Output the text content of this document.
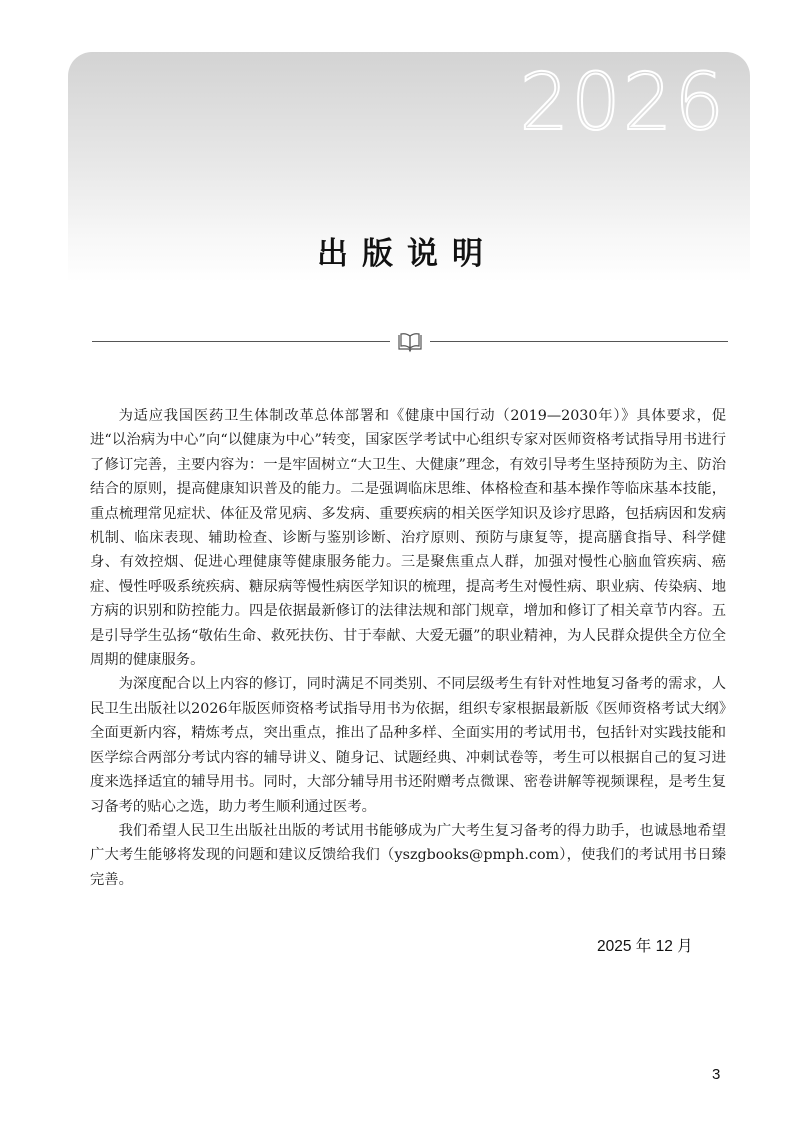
2026
出版说明

为适应我国医药卫生体制改革总体部署和《健康中国行动（2019—2030年）》具体要求，促进“以治病为中心”向“以健康为中心”转变，国家医学考试中心组织专家对医师资格考试指导用书进行了修订完善，主要内容为：一是牢固树立“大卫生、大健康”理念，有效引导考生坚持预防为主、防治结合的原则，提高健康知识普及的能力。二是强调临床思维、体格检查和基本操作等临床基本技能，重点梳理常见症状、体征及常见病、多发病、重要疾病的相关医学知识及诊疗思路，包括病因和发病机制、临床表现、辅助检查、诊断与鉴别诊断、治疗原则、预防与康复等，提高膳食指导、科学健身、有效控烟、促进心理健康等健康服务能力。三是聚焦重点人群，加强对慢性心脑血管疾病、癌症、慢性呼吸系统疾病、糖尿病等慢性病医学知识的梳理，提高考生对慢性病、职业病、传染病、地方病的识别和防控能力。四是依据最新修订的法律法规和部门规章，增加和修订了相关章节内容。五是引导学生弘扬“敬佑生命、救死扶伤、甘于奉献、大爱无疆”的职业精神，为人民群众提供全方位全周期的健康服务。

为深度配合以上内容的修订，同时满足不同类别、不同层级考生有针对性地复习备考的需求，人民卫生出版社以2026年版医师资格考试指导用书为依据，组织专家根据最新版《医师资格考试大纲》全面更新内容，精炼考点，突出重点，推出了品种多样、全面实用的考试用书，包括针对实践技能和医学综合两部分考试内容的辅导讲义、随身记、试题经典、冲刺试卷等，考生可以根据自己的复习进度来选择适宜的辅导用书。同时，大部分辅导用书还附赠考点微课、密卷讲解等视频课程，是考生复习备考的贴心之选，助力考生顺利通过医考。

我们希望人民卫生出版社出版的考试用书能够成为广大考生复习备考的得力助手，也诚恳地希望广大考生能够将发现的问题和建议反馈给我们（yszgbooks@pmph.com），使我们的考试用书日臻完善。

2025 年 12 月
3
